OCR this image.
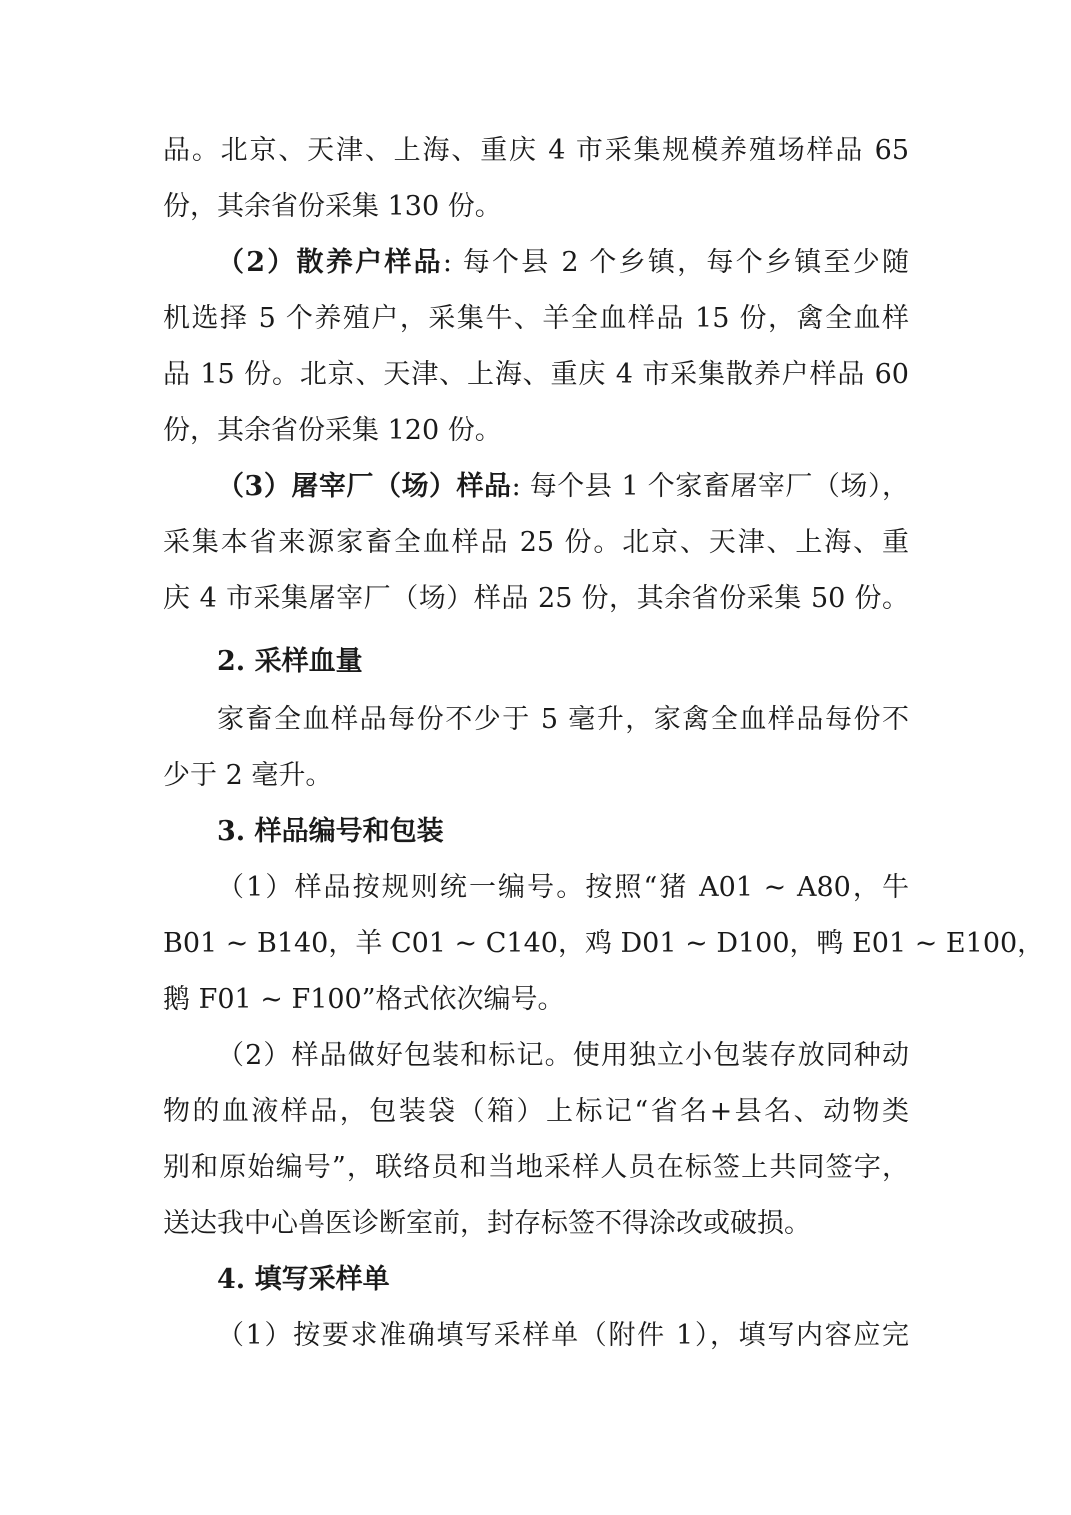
品。北京、天津、上海、重庆 4 市采集规模养殖场样品 65
份，其余省份采集 130 份。
（2）散养户样品: 每个县 2 个乡镇，每个乡镇至少随
机选择 5 个养殖户，采集牛、羊全血样品 15 份，禽全血样
品 15 份。北京、天津、上海、重庆 4 市采集散养户样品 60
份，其余省份采集 120 份。
（3）屠宰厂（场）样品: 每个县 1 个家畜屠宰厂（场），
采集本省来源家畜全血样品 25 份。北京、天津、上海、重
庆 4 市采集屠宰厂（场）样品 25 份，其余省份采集 50 份。
2. 采样血量
家畜全血样品每份不少于 5 毫升，家禽全血样品每份不
少于 2 毫升。
3. 样品编号和包装
（1）样品按规则统一编号。按照“猪 A01 ~ A80，牛
B01 ~ B140，羊 C01 ~ C140，鸡 D01 ~ D100，鸭 E01 ~ E100，
鹅 F01 ~ F100”格式依次编号。
（2）样品做好包装和标记。使用独立小包装存放同种动
物的血液样品，包装袋（箱）上标记“省名+县名、动物类
别和原始编号”，联络员和当地采样人员在标签上共同签字，
送达我中心兽医诊断室前，封存标签不得涂改或破损。
4. 填写采样单
（1）按要求准确填写采样单（附件 1），填写内容应完
